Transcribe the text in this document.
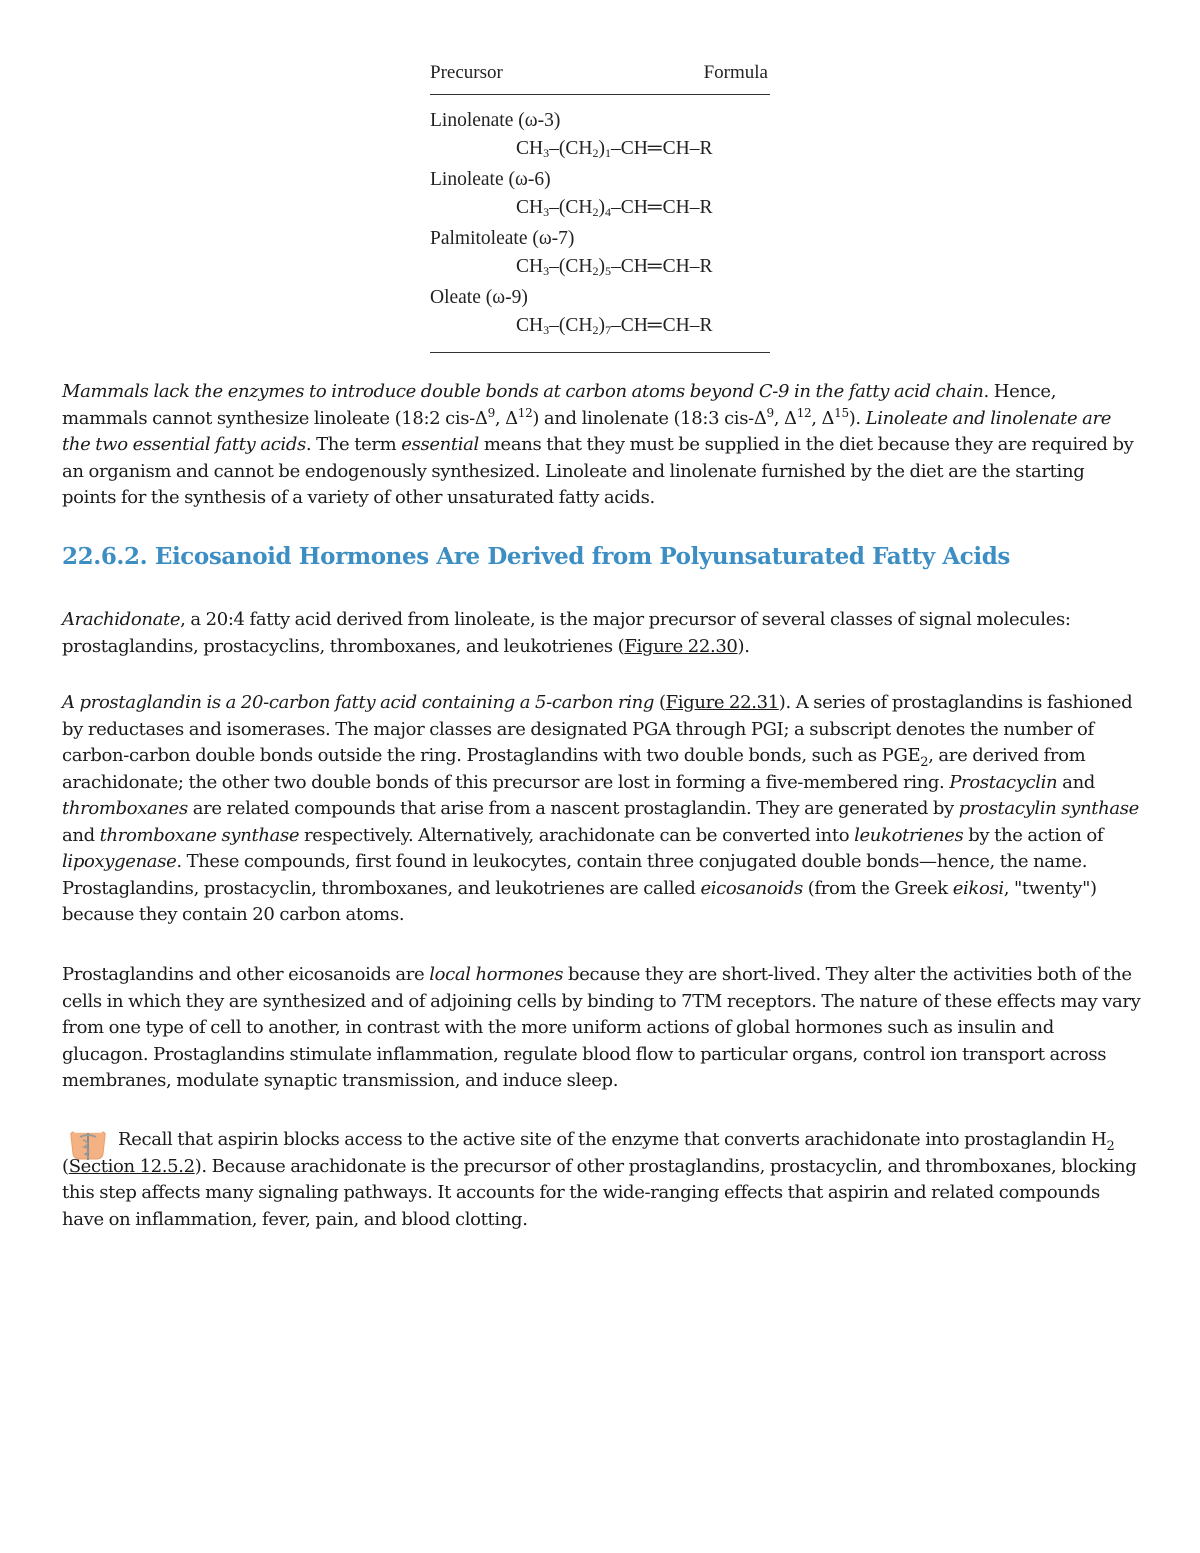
Precursor	Formula
Linolenate (ω-3)
$CH_3-(CH_2)_1-CH═CH-R$
Linoleate (ω-6)
$CH_3-(CH_2)_4-CH═CH-R$
Palmitoleate (ω-7)
$CH_3-(CH_2)_5-CH═CH-R$
Oleate (ω-9)
$CH_3-(CH_2)_7-CH═CH-R$

Mammals lack the enzymes to introduce double bonds at carbon atoms beyond C-9 in the fatty acid chain. Hence, mammals cannot synthesize linoleate (18:2 cis-$\Delta^9$, $\Delta^{12}$) and linolenate (18:3 cis-$\Delta^9$, $\Delta^{12}$, $\Delta^{15}$). Linoleate and linolenate are the two essential fatty acids. The term essential means that they must be supplied in the diet because they are required by an organism and cannot be endogenously synthesized. Linoleate and linolenate furnished by the diet are the starting points for the synthesis of a variety of other unsaturated fatty acids.

22.6.2. Eicosanoid Hormones Are Derived from Polyunsaturated Fatty Acids

Arachidonate, a 20:4 fatty acid derived from linoleate, is the major precursor of several classes of signal molecules: prostaglandins, prostacyclins, thromboxanes, and leukotrienes (Figure 22.30).

A prostaglandin is a 20-carbon fatty acid containing a 5-carbon ring (Figure 22.31). A series of prostaglandins is fashioned by reductases and isomerases. The major classes are designated PGA through PGI; a subscript denotes the number of carbon-carbon double bonds outside the ring. Prostaglandins with two double bonds, such as $PGE_2$, are derived from arachidonate; the other two double bonds of this precursor are lost in forming a five-membered ring. Prostacyclin and thromboxanes are related compounds that arise from a nascent prostaglandin. They are generated by prostacylin synthase and thromboxane synthase respectively. Alternatively, arachidonate can be converted into leukotrienes by the action of lipoxygenase. These compounds, first found in leukocytes, contain three conjugated double bonds—hence, the name. Prostaglandins, prostacyclin, thromboxanes, and leukotrienes are called eicosanoids (from the Greek eikosi, "twenty") because they contain 20 carbon atoms.

Prostaglandins and other eicosanoids are local hormones because they are short-lived. They alter the activities both of the cells in which they are synthesized and of adjoining cells by binding to 7TM receptors. The nature of these effects may vary from one type of cell to another, in contrast with the more uniform actions of global hormones such as insulin and glucagon. Prostaglandins stimulate inflammation, regulate blood flow to particular organs, control ion transport across membranes, modulate synaptic transmission, and induce sleep.

Recall that aspirin blocks access to the active site of the enzyme that converts arachidonate into prostaglandin $H_2$ (Section 12.5.2). Because arachidonate is the precursor of other prostaglandins, prostacyclin, and thromboxanes, blocking this step affects many signaling pathways. It accounts for the wide-ranging effects that aspirin and related compounds have on inflammation, fever, pain, and blood clotting.
